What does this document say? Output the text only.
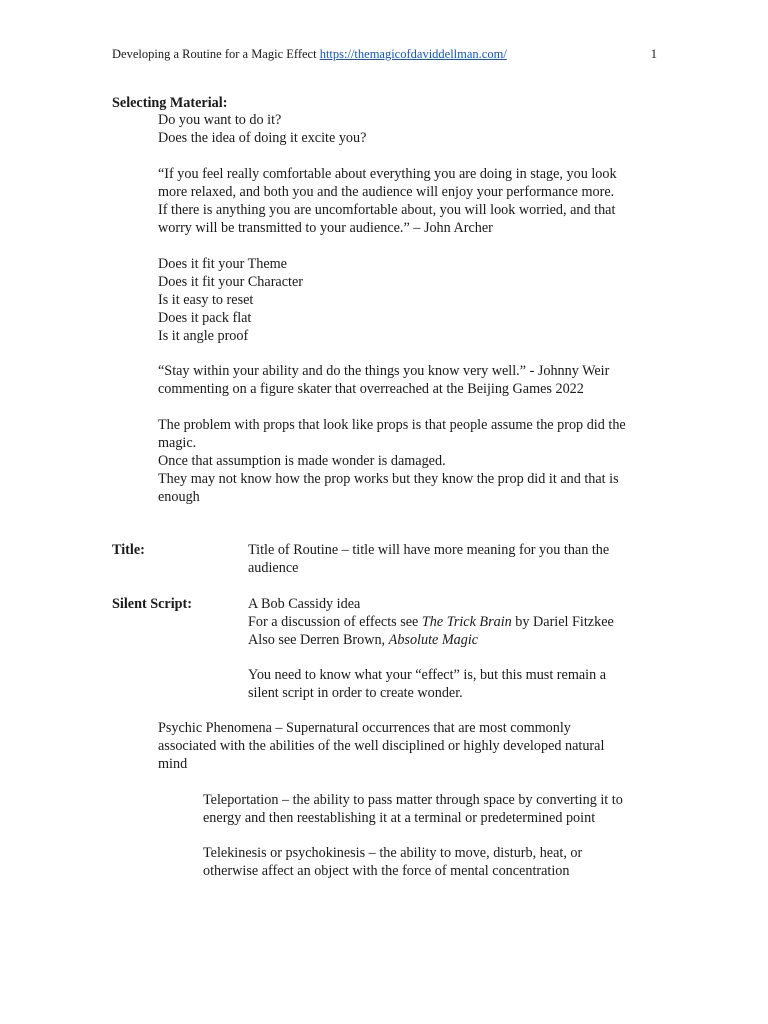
Developing a Routine for a Magic Effect https://themagicofdaviddellman.com/	1
Selecting Material:
Do you want to do it?
Does the idea of doing it excite you?
“If you feel really comfortable about everything you are doing in stage, you look
more relaxed, and both you and the audience will enjoy your performance more.
If there is anything you are uncomfortable about, you will look worried, and that
worry will be transmitted to your audience.” – John Archer
Does it fit your Theme
Does it fit your Character
Is it easy to reset
Does it pack flat
Is it angle proof
“Stay within your ability and do the things you know very well.” - Johnny Weir
commenting on a figure skater that overreached at the Beijing Games 2022
The problem with props that look like props is that people assume the prop did the
magic.
Once that assumption is made wonder is damaged.
They may not know how the prop works but they know the prop did it and that is
enough
Title:	Title of Routine – title will have more meaning for you than the
audience
Silent Script:	A Bob Cassidy idea
For a discussion of effects see The Trick Brain by Dariel Fitzkee
Also see Derren Brown, Absolute Magic
You need to know what your “effect” is, but this must remain a
silent script in order to create wonder.
Psychic Phenomena – Supernatural occurrences that are most commonly
associated with the abilities of the well disciplined or highly developed natural
mind
Teleportation – the ability to pass matter through space by converting it to
energy and then reestablishing it at a terminal or predetermined point
Telekinesis or psychokinesis – the ability to move, disturb, heat, or
otherwise affect an object with the force of mental concentration
